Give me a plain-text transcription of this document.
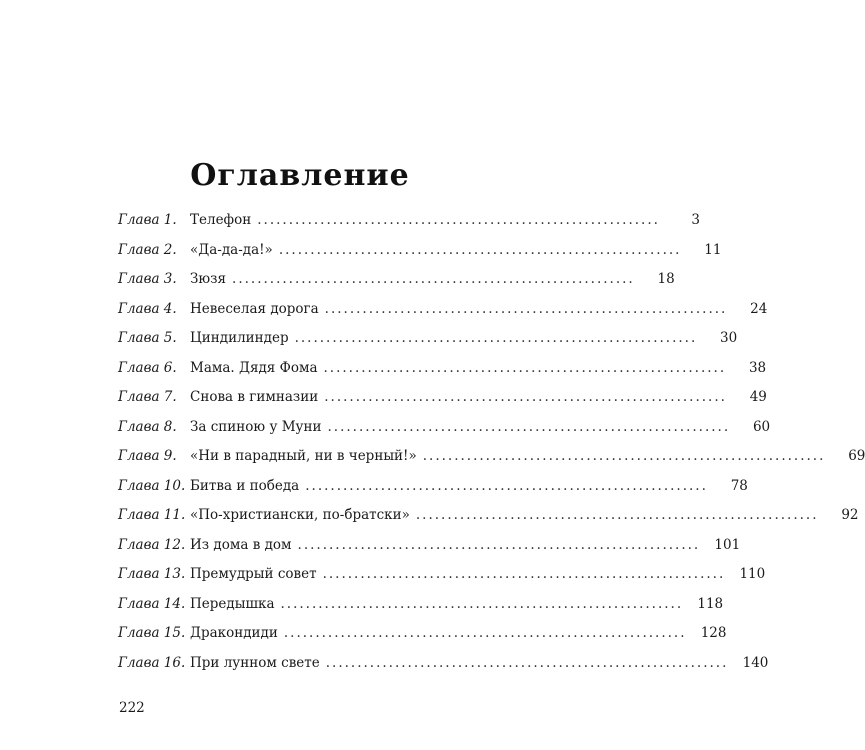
Оглавление
Глава 1. Телефон ................................................................	3
Глава 2. «Да-да-да!» ................................................................	11
Глава 3. Зюзя ................................................................	18
Глава 4. Невеселая дорога ................................................................	24
Глава 5. Циндилиндер ................................................................	30
Глава 6. Мама. Дядя Фома ................................................................	38
Глава 7. Снова в гимназии ................................................................	49
Глава 8. За спиною у Муни ................................................................	60
Глава 9. «Ни в парадный, ни в черный!» ................................................................	69
Глава 10. Битва и победа ................................................................	78
Глава 11. «По-христиански, по-братски» ................................................................	92
Глава 12. Из дома в дом ................................................................	101
Глава 13. Премудрый совет ................................................................	110
Глава 14. Передышка ................................................................	118
Глава 15. Дракондиди ................................................................	128
Глава 16. При лунном свете ................................................................	140
222
